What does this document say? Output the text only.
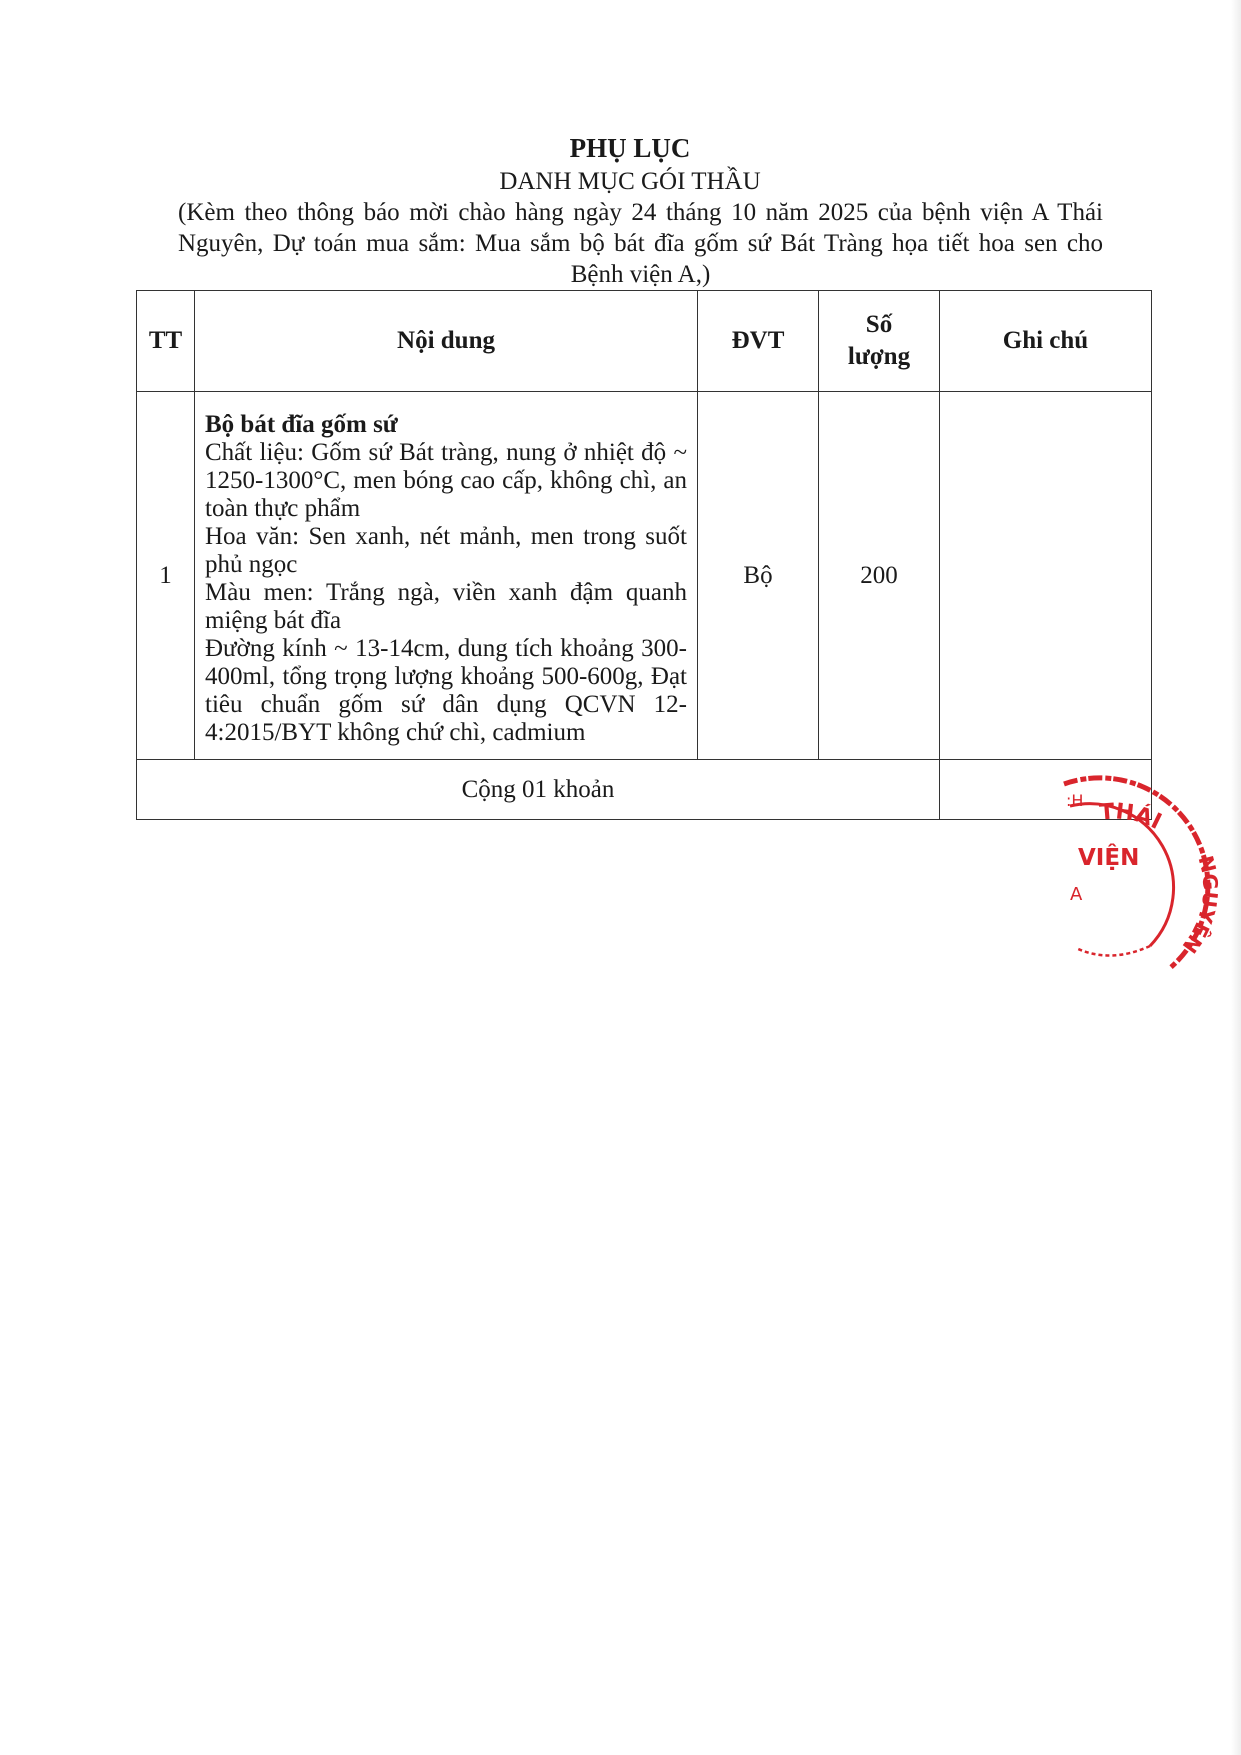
PHỤ LỤC
DANH MỤC GÓI THẦU
(Kèm theo thông báo mời chào hàng ngày 24 tháng 10 năm 2025 của bệnh viện A Thái Nguyên, Dự toán mua sắm: Mua sắm bộ bát đĩa gốm sứ Bát Tràng họa tiết hoa sen cho Bệnh viện A,)
TT	Nội dung	ĐVT	Số lượng	Ghi chú
1	Bộ bát đĩa gốm sứ
Chất liệu: Gốm sứ Bát tràng, nung ở nhiệt độ ~ 1250-1300°C, men bóng cao cấp, không chì, an toàn thực phẩm
Hoa văn: Sen xanh, nét mảnh, men trong suốt phủ ngọc
Màu men: Trắng ngà, viền xanh đậm quanh miệng bát đĩa
Đường kính ~ 13-14cm, dung tích khoảng 300-400ml, tổng trọng lượng khoảng 500-600g, Đạt tiêu chuẩn gốm sứ dân dụng QCVN 12-4:2015/BYT không chứ chì, cadmium	Bộ	200	
Cộng 01 khoản				
THÁI
NGUYÊN
VIỆN
:H
A
